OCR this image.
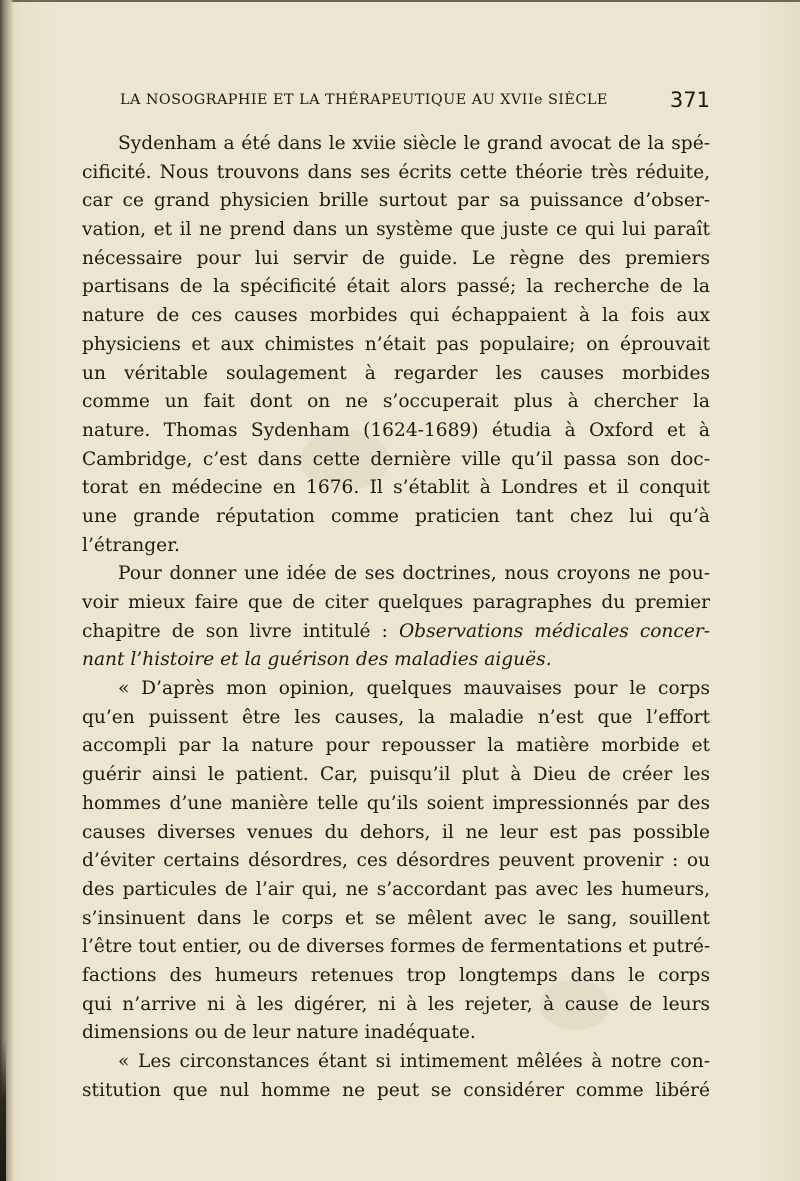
LA NOSOGRAPHIE ET LA THÉRAPEUTIQUE AU XVIIe SIÈCLE	371
Sydenham a été dans le xviie siècle le grand avocat de la spé-
cificité. Nous trouvons dans ses écrits cette théorie très réduite,
car ce grand physicien brille surtout par sa puissance d’obser-
vation, et il ne prend dans un système que juste ce qui lui paraît
nécessaire pour lui servir de guide. Le règne des premiers
partisans de la spécificité était alors passé; la recherche de la
nature de ces causes morbides qui échappaient à la fois aux
physiciens et aux chimistes n’était pas populaire; on éprouvait
un véritable soulagement à regarder les causes morbides
comme un fait dont on ne s’occuperait plus à chercher la
nature. Thomas Sydenham (1624-1689) étudia à Oxford et à
Cambridge, c’est dans cette dernière ville qu’il passa son doc-
torat en médecine en 1676. Il s’établit à Londres et il conquit
une grande réputation comme praticien tant chez lui qu’à
l’étranger.
Pour donner une idée de ses doctrines, nous croyons ne pou-
voir mieux faire que de citer quelques paragraphes du premier
chapitre de son livre intitulé : Observations médicales concer-
nant l’histoire et la guérison des maladies aiguës.
« D’après mon opinion, quelques mauvaises pour le corps
qu’en puissent être les causes, la maladie n’est que l’effort
accompli par la nature pour repousser la matière morbide et
guérir ainsi le patient. Car, puisqu’il plut à Dieu de créer les
hommes d’une manière telle qu’ils soient impressionnés par des
causes diverses venues du dehors, il ne leur est pas possible
d’éviter certains désordres, ces désordres peuvent provenir : ou
des particules de l’air qui, ne s’accordant pas avec les humeurs,
s’insinuent dans le corps et se mêlent avec le sang, souillent
l’être tout entier, ou de diverses formes de fermentations et putré-
factions des humeurs retenues trop longtemps dans le corps
qui n’arrive ni à les digérer, ni à les rejeter, à cause de leurs
dimensions ou de leur nature inadéquate.
« Les circonstances étant si intimement mêlées à notre con-
stitution que nul homme ne peut se considérer comme libéré
